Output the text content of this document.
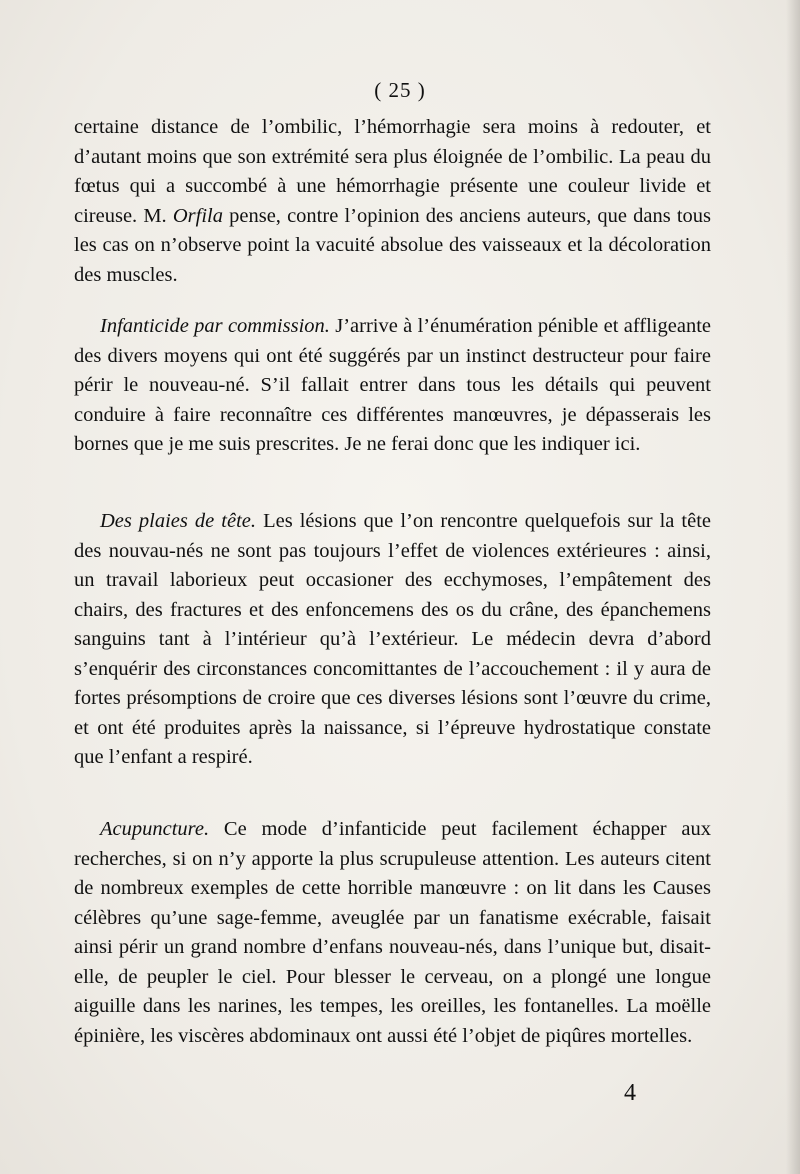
( 25 )

certaine distance de l’ombilic, l’hémorrhagie sera moins à redouter, et d’autant moins que son extrémité sera plus éloignée de l’ombilic. La peau du fœtus qui a succombé à une hémorrhagie présente une couleur livide et cireuse. M. Orfila pense, contre l’opinion des anciens auteurs, que dans tous les cas on n’observe point la vacuité absolue des vaisseaux et la décoloration des muscles.

Infanticide par commission. J’arrive à l’énumération pénible et affligeante des divers moyens qui ont été suggérés par un instinct destructeur pour faire périr le nouveau-né. S’il fallait entrer dans tous les détails qui peuvent conduire à faire reconnaître ces différentes manœuvres, je dépasserais les bornes que je me suis prescrites. Je ne ferai donc que les indiquer ici.

Des plaies de tête. Les lésions que l’on rencontre quelquefois sur la tête des nouvau-nés ne sont pas toujours l’effet de violences extérieures : ainsi, un travail laborieux peut occasioner des ecchymoses, l’empâtement des chairs, des fractures et des enfoncemens des os du crâne, des épanchemens sanguins tant à l’intérieur qu’à l’extérieur. Le médecin devra d’abord s’enquérir des circonstances concomittantes de l’accouchement : il y aura de fortes présomptions de croire que ces diverses lésions sont l’œuvre du crime, et ont été produites après la naissance, si l’épreuve hydrostatique constate que l’enfant a respiré.

Acupuncture. Ce mode d’infanticide peut facilement échapper aux recherches, si on n’y apporte la plus scrupuleuse attention. Les auteurs citent de nombreux exemples de cette horrible manœuvre : on lit dans les Causes célèbres qu’une sage-femme, aveuglée par un fanatisme exécrable, faisait ainsi périr un grand nombre d’enfans nouveau-nés, dans l’unique but, disait-elle, de peupler le ciel. Pour blesser le cerveau, on a plongé une longue aiguille dans les narines, les tempes, les oreilles, les fontanelles. La moëlle épinière, les viscères abdominaux ont aussi été l’objet de piqûres mortelles.

4
